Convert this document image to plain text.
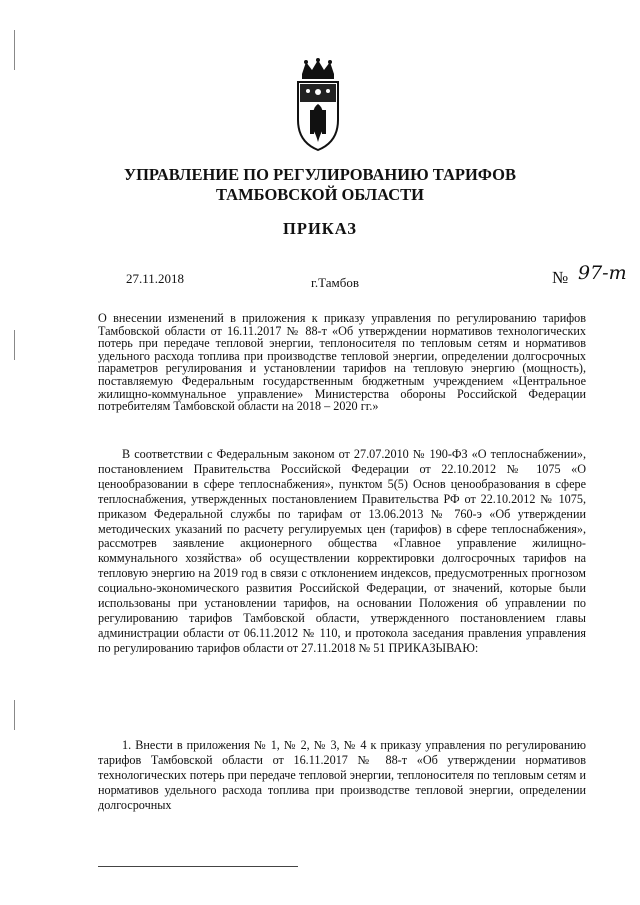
УПРАВЛЕНИЕ ПО РЕГУЛИРОВАНИЮ ТАРИФОВ
ТАМБОВСКОЙ ОБЛАСТИ
ПРИКАЗ
27.11.2018	г.Тамбов	№ 97-т
О внесении изменений в приложения к приказу управления по регулированию тарифов Тамбовской области от 16.11.2017 № 88-т «Об утверждении нормативов технологических потерь при передаче тепловой энергии, теплоносителя по тепловым сетям и нормативов удельного расхода топлива при производстве тепловой энергии, определении долгосрочных параметров регулирования и установлении тарифов на тепловую энергию (мощность), поставляемую Федеральным государственным бюджетным учреждением «Центральное жилищно-коммунальное управление» Министерства обороны Российской Федерации потребителям Тамбовской области на 2018 – 2020 гг.»
В соответствии с Федеральным законом от 27.07.2010 № 190-ФЗ «О теплоснабжении», постановлением Правительства Российской Федерации от 22.10.2012 № 1075 «О ценообразовании в сфере теплоснабжения», пунктом 5(5) Основ ценообразования в сфере теплоснабжения, утвержденных постановлением Правительства РФ от 22.10.2012 № 1075, приказом Федеральной службы по тарифам от 13.06.2013 № 760-э «Об утверждении методических указаний по расчету регулируемых цен (тарифов) в сфере теплоснабжения», рассмотрев заявление акционерного общества «Главное управление жилищно-коммунального хозяйства» об осуществлении корректировки долгосрочных тарифов на тепловую энергию на 2019 год в связи с отклонением индексов, предусмотренных прогнозом социально-экономического развития Российской Федерации, от значений, которые были использованы при установлении тарифов, на основании Положения об управлении по регулированию тарифов Тамбовской области, утвержденного постановлением главы администрации области от 06.11.2012 № 110, и протокола заседания правления управления по регулированию тарифов области от 27.11.2018 № 51 ПРИКАЗЫВАЮ:
1. Внести в приложения № 1, № 2, № 3, № 4 к приказу управления по регулированию тарифов Тамбовской области от 16.11.2017 № 88-т «Об утверждении нормативов технологических потерь при передаче тепловой энергии, теплоносителя по тепловым сетям и нормативов удельного расхода топлива при производстве тепловой энергии, определении долгосрочных
